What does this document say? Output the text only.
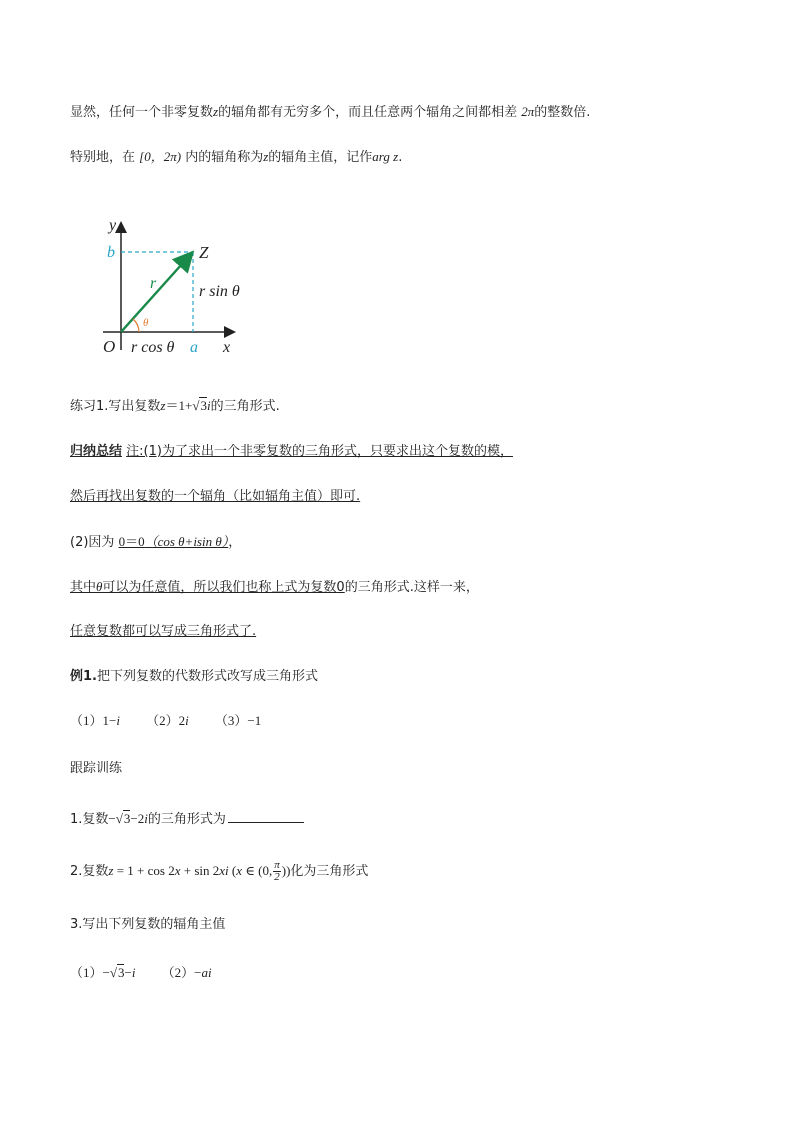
显然，任何一个非零复数z的辐角都有无穷多个，而且任意两个辐角之间都相差 2π的整数倍.
特别地，在 [0，2π) 内的辐角称为z的辐角主值，记作arg z.
y
b	Z
r	r sin θ
θ
O r cos θ a x
练习1.写出复数z＝1+√3i的三角形式.
归纳总结 注:(1)为了求出一个非零复数的三角形式，只要求出这个复数的模，
然后再找出复数的一个辐角（比如辐角主值）即可.
(2)因为 0＝0（cos θ+isin θ），
其中θ可以为任意值，所以我们也称上式为复数0的三角形式.这样一来，
任意复数都可以写成三角形式了.
例1.把下列复数的代数形式改写成三角形式
（1）1−i （2）2i （3）−1
跟踪训练
1.复数−√3−2i的三角形式为
2.复数z = 1 + cos 2x + sin 2xi (x ∈ (0, $\frac{\pi}{2}$ ))化为三角形式
3.写出下列复数的辐角主值
（1）−√3−i （2）−ai
